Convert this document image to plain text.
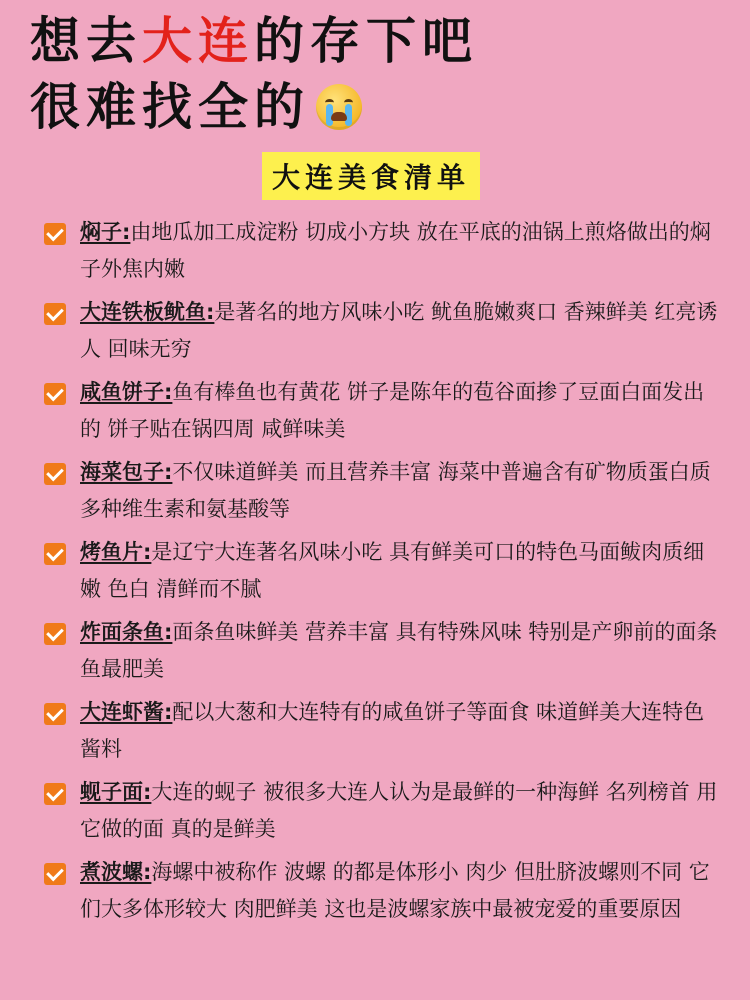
想去大连的存下吧
很难找全的
大连美食清单
焖子:由地瓜加工成淀粉 切成小方块 放在平底的油锅上煎烙做出的焖子外焦内嫩
大连铁板鱿鱼:是著名的地方风味小吃 鱿鱼脆嫩爽口 香辣鲜美 红亮诱人 回味无穷
咸鱼饼子:鱼有棒鱼也有黄花 饼子是陈年的苞谷面掺了豆面白面发出的 饼子贴在锅四周 咸鲜味美
海菜包子:不仅味道鲜美 而且营养丰富 海菜中普遍含有矿物质蛋白质 多种维生素和氨基酸等
烤鱼片:是辽宁大连著名风味小吃 具有鲜美可口的特色马面鲅肉质细嫩 色白 清鲜而不腻
炸面条鱼:面条鱼味鲜美 营养丰富 具有特殊风味 特别是产卵前的面条鱼最肥美
大连虾酱:配以大葱和大连特有的咸鱼饼子等面食 味道鲜美大连特色酱料
蚬子面:大连的蚬子 被很多大连人认为是最鲜的一种海鲜 名列榜首 用它做的面 真的是鲜美
煮波螺:海螺中被称作 波螺 的都是体形小 肉少 但肚脐波螺则不同 它们大多体形较大 肉肥鲜美 这也是波螺家族中最被宠爱的重要原因
